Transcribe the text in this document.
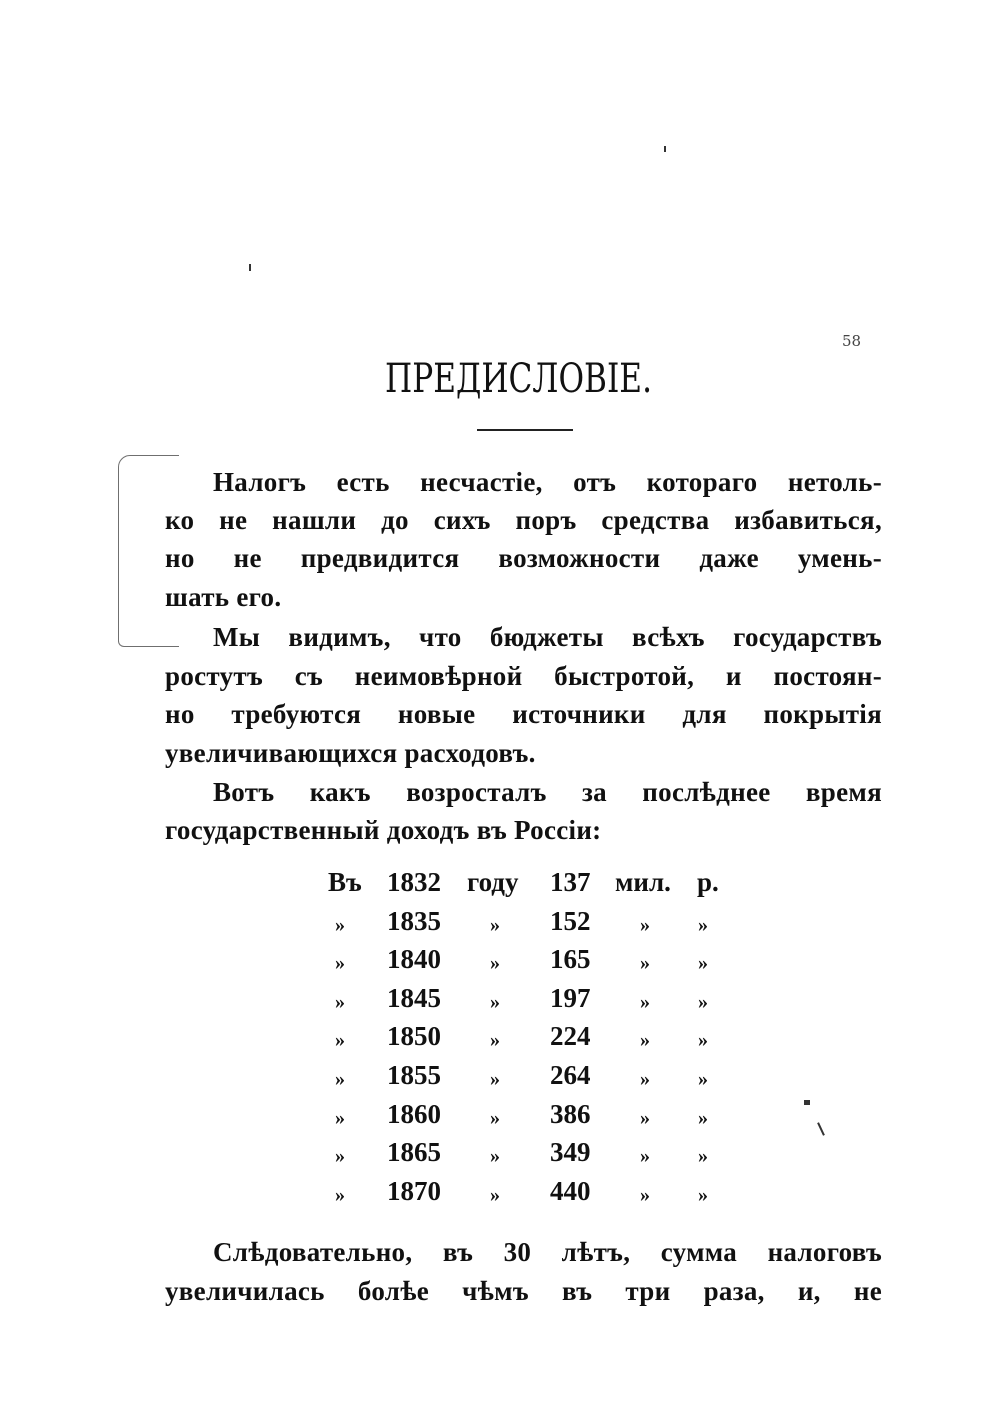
58
ПРЕДИСЛОВІЕ.
Налогъ есть несчастіе, отъ котораго нетоль-
ко не нашли до сихъ поръ средства избавиться,
но не предвидится возможности даже умень-
шать его.
Мы видимъ, что бюджеты всѣхъ государствъ
ростутъ съ неимовѣрной быстротой, и постоян-
но требуются новые источники для покрытія
увеличивающихся расходовъ.
Вотъ какъ возросталъ за послѣднее время
государственный доходъ въ Россіи:
Въ 1832 году 137 мил. р.
» 1835 » 152 » »
» 1840 » 165 » »
» 1845 » 197 » »
» 1850 » 224 » »
» 1855 » 264 » »
» 1860 » 386 » »
» 1865 » 349 » »
» 1870 » 440 » »
Слѣдовательно, въ 30 лѣтъ, сумма налоговъ
увеличилась болѣе чѣмъ въ три раза, и, не
